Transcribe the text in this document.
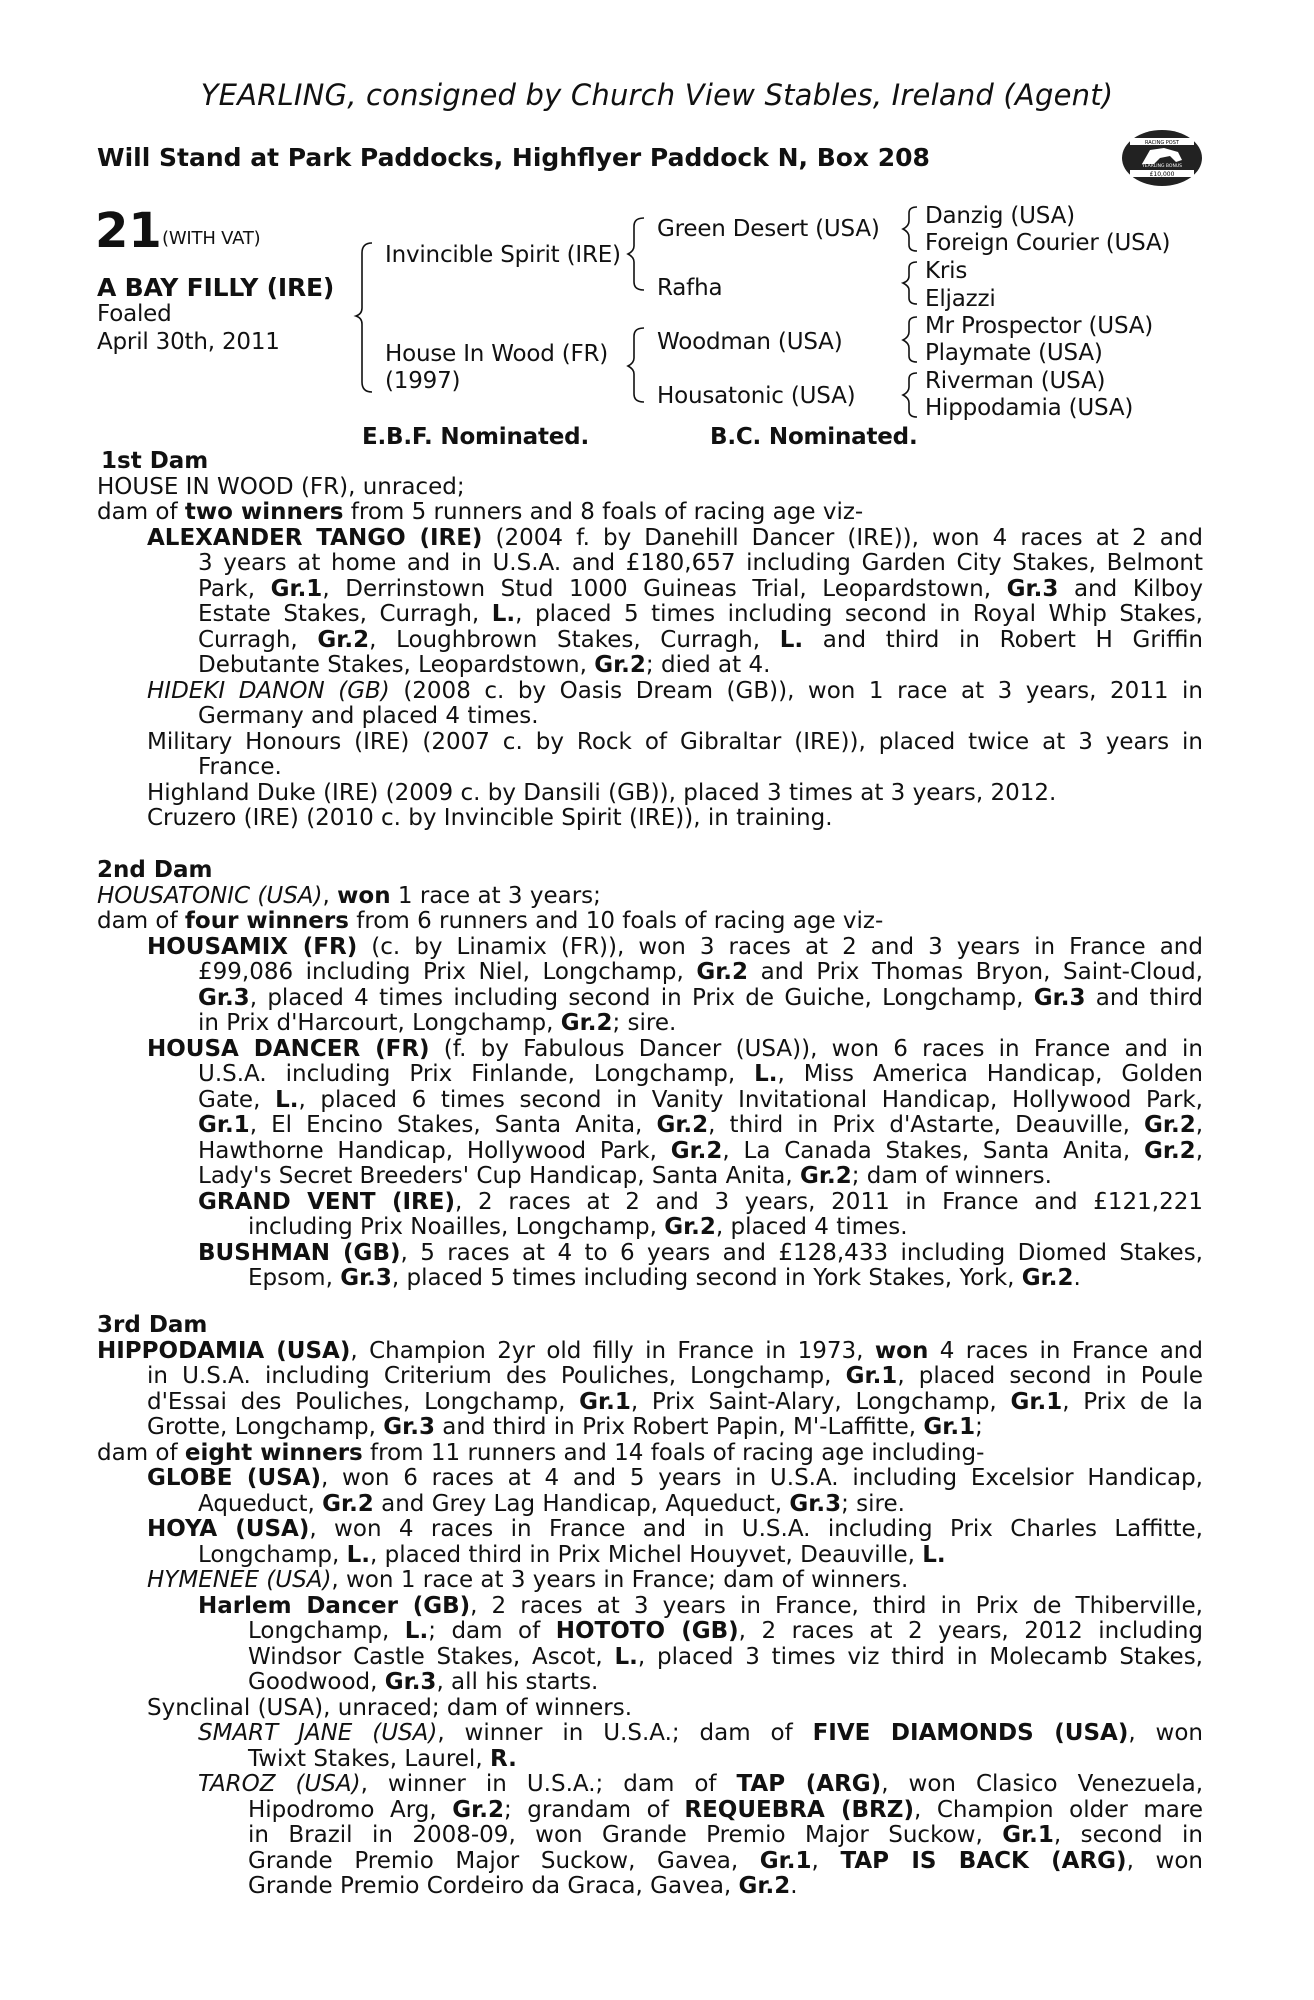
YEARLING, consigned by Church View Stables, Ireland (Agent)
Will Stand at Park Paddocks, Highflyer Paddock N, Box 208	RACING POST
YEARLING BONUS
£10,000
21 (WITH VAT)
A BAY FILLY (IRE)
Foaled
April 30th, 2011
Invincible Spirit (IRE)
House In Wood (FR)
(1997)
Green Desert (USA)
Rafha
Woodman (USA)
Housatonic (USA)
Danzig (USA)
Foreign Courier (USA)
Kris
Eljazzi
Mr Prospector (USA)
Playmate (USA)
Riverman (USA)
Hippodamia (USA)
E.B.F. Nominated.	B.C. Nominated.
1st Dam
HOUSE IN WOOD (FR), unraced;
dam of two winners from 5 runners and 8 foals of racing age viz-
ALEXANDER TANGO (IRE) (2004 f. by Danehill Dancer (IRE)), won 4 races at 2 and
3 years at home and in U.S.A. and £180,657 including Garden City Stakes, Belmont
Park, Gr.1, Derrinstown Stud 1000 Guineas Trial, Leopardstown, Gr.3 and Kilboy
Estate Stakes, Curragh, L., placed 5 times including second in Royal Whip Stakes,
Curragh, Gr.2, Loughbrown Stakes, Curragh, L. and third in Robert H Griffin
Debutante Stakes, Leopardstown, Gr.2; died at 4.
HIDEKI DANON (GB) (2008 c. by Oasis Dream (GB)), won 1 race at 3 years, 2011 in
Germany and placed 4 times.
Military Honours (IRE) (2007 c. by Rock of Gibraltar (IRE)), placed twice at 3 years in
France.
Highland Duke (IRE) (2009 c. by Dansili (GB)), placed 3 times at 3 years, 2012.
Cruzero (IRE) (2010 c. by Invincible Spirit (IRE)), in training.
2nd Dam
HOUSATONIC (USA), won 1 race at 3 years;
dam of four winners from 6 runners and 10 foals of racing age viz-
HOUSAMIX (FR) (c. by Linamix (FR)), won 3 races at 2 and 3 years in France and
£99,086 including Prix Niel, Longchamp, Gr.2 and Prix Thomas Bryon, Saint-Cloud,
Gr.3, placed 4 times including second in Prix de Guiche, Longchamp, Gr.3 and third
in Prix d'Harcourt, Longchamp, Gr.2; sire.
HOUSA DANCER (FR) (f. by Fabulous Dancer (USA)), won 6 races in France and in
U.S.A. including Prix Finlande, Longchamp, L., Miss America Handicap, Golden
Gate, L., placed 6 times second in Vanity Invitational Handicap, Hollywood Park,
Gr.1, El Encino Stakes, Santa Anita, Gr.2, third in Prix d'Astarte, Deauville, Gr.2,
Hawthorne Handicap, Hollywood Park, Gr.2, La Canada Stakes, Santa Anita, Gr.2,
Lady's Secret Breeders' Cup Handicap, Santa Anita, Gr.2; dam of winners.
GRAND VENT (IRE), 2 races at 2 and 3 years, 2011 in France and £121,221
including Prix Noailles, Longchamp, Gr.2, placed 4 times.
BUSHMAN (GB), 5 races at 4 to 6 years and £128,433 including Diomed Stakes,
Epsom, Gr.3, placed 5 times including second in York Stakes, York, Gr.2.
3rd Dam
HIPPODAMIA (USA), Champion 2yr old filly in France in 1973, won 4 races in France and
in U.S.A. including Criterium des Pouliches, Longchamp, Gr.1, placed second in Poule
d'Essai des Pouliches, Longchamp, Gr.1, Prix Saint-Alary, Longchamp, Gr.1, Prix de la
Grotte, Longchamp, Gr.3 and third in Prix Robert Papin, M'-Laffitte, Gr.1;
dam of eight winners from 11 runners and 14 foals of racing age including-
GLOBE (USA), won 6 races at 4 and 5 years in U.S.A. including Excelsior Handicap,
Aqueduct, Gr.2 and Grey Lag Handicap, Aqueduct, Gr.3; sire.
HOYA (USA), won 4 races in France and in U.S.A. including Prix Charles Laffitte,
Longchamp, L., placed third in Prix Michel Houyvet, Deauville, L.
HYMENEE (USA), won 1 race at 3 years in France; dam of winners.
Harlem Dancer (GB), 2 races at 3 years in France, third in Prix de Thiberville,
Longchamp, L.; dam of HOTOTO (GB), 2 races at 2 years, 2012 including
Windsor Castle Stakes, Ascot, L., placed 3 times viz third in Molecamb Stakes,
Goodwood, Gr.3, all his starts.
Synclinal (USA), unraced; dam of winners.
SMART JANE (USA), winner in U.S.A.; dam of FIVE DIAMONDS (USA), won
Twixt Stakes, Laurel, R.
TAROZ (USA), winner in U.S.A.; dam of TAP (ARG), won Clasico Venezuela,
Hipodromo Arg, Gr.2; grandam of REQUEBRA (BRZ), Champion older mare
in Brazil in 2008-09, won Grande Premio Major Suckow, Gr.1, second in
Grande Premio Major Suckow, Gavea, Gr.1, TAP IS BACK (ARG), won
Grande Premio Cordeiro da Graca, Gavea, Gr.2.
